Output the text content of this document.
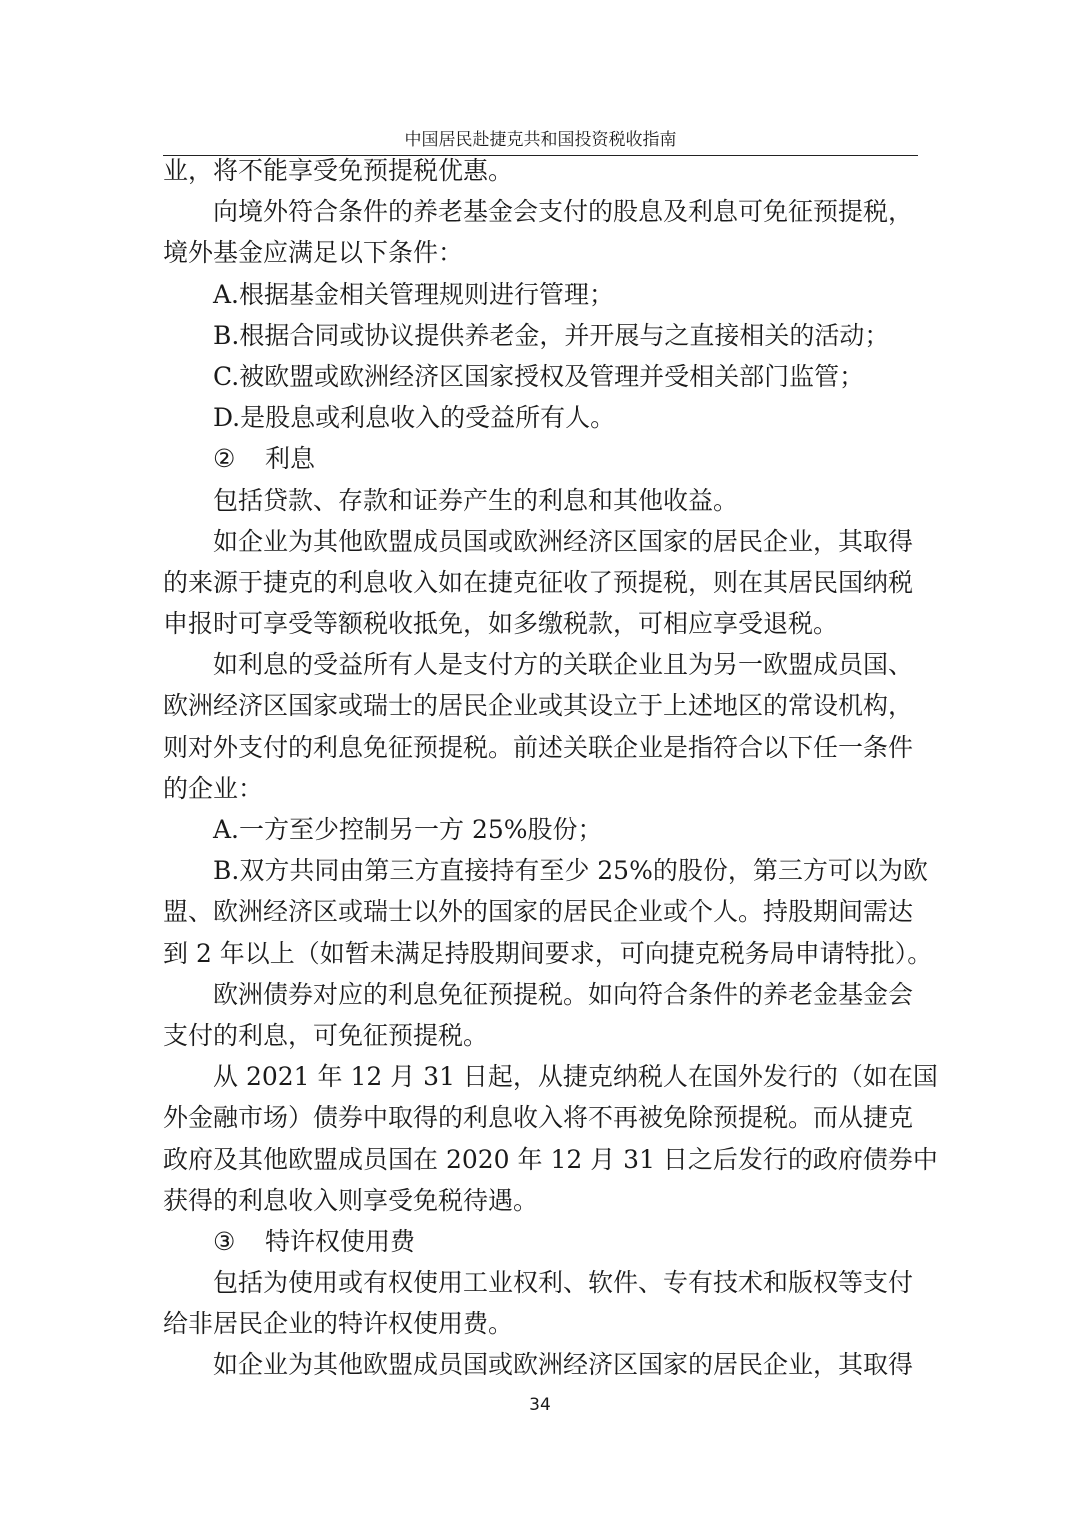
中国居民赴捷克共和国投资税收指南
业，将不能享受免预提税优惠。
向境外符合条件的养老基金会支付的股息及利息可免征预提税，
境外基金应满足以下条件：
A.根据基金相关管理规则进行管理；
B.根据合同或协议提供养老金，并开展与之直接相关的活动；
C.被欧盟或欧洲经济区国家授权及管理并受相关部门监管；
D.是股息或利息收入的受益所有人。
② 利息
包括贷款、存款和证券产生的利息和其他收益。
如企业为其他欧盟成员国或欧洲经济区国家的居民企业，其取得
的来源于捷克的利息收入如在捷克征收了预提税，则在其居民国纳税
申报时可享受等额税收抵免，如多缴税款，可相应享受退税。
如利息的受益所有人是支付方的关联企业且为另一欧盟成员国、
欧洲经济区国家或瑞士的居民企业或其设立于上述地区的常设机构，
则对外支付的利息免征预提税。前述关联企业是指符合以下任一条件
的企业：
A.一方至少控制另一方 25%股份；
B.双方共同由第三方直接持有至少 25%的股份，第三方可以为欧
盟、欧洲经济区或瑞士以外的国家的居民企业或个人。持股期间需达
到 2 年以上（如暂未满足持股期间要求，可向捷克税务局申请特批）。
欧洲债券对应的利息免征预提税。如向符合条件的养老金基金会
支付的利息，可免征预提税。
从 2021 年 12 月 31 日起，从捷克纳税人在国外发行的（如在国
外金融市场）债券中取得的利息收入将不再被免除预提税。而从捷克
政府及其他欧盟成员国在 2020 年 12 月 31 日之后发行的政府债券中
获得的利息收入则享受免税待遇。
③ 特许权使用费
包括为使用或有权使用工业权利、软件、专有技术和版权等支付
给非居民企业的特许权使用费。
如企业为其他欧盟成员国或欧洲经济区国家的居民企业，其取得
34
